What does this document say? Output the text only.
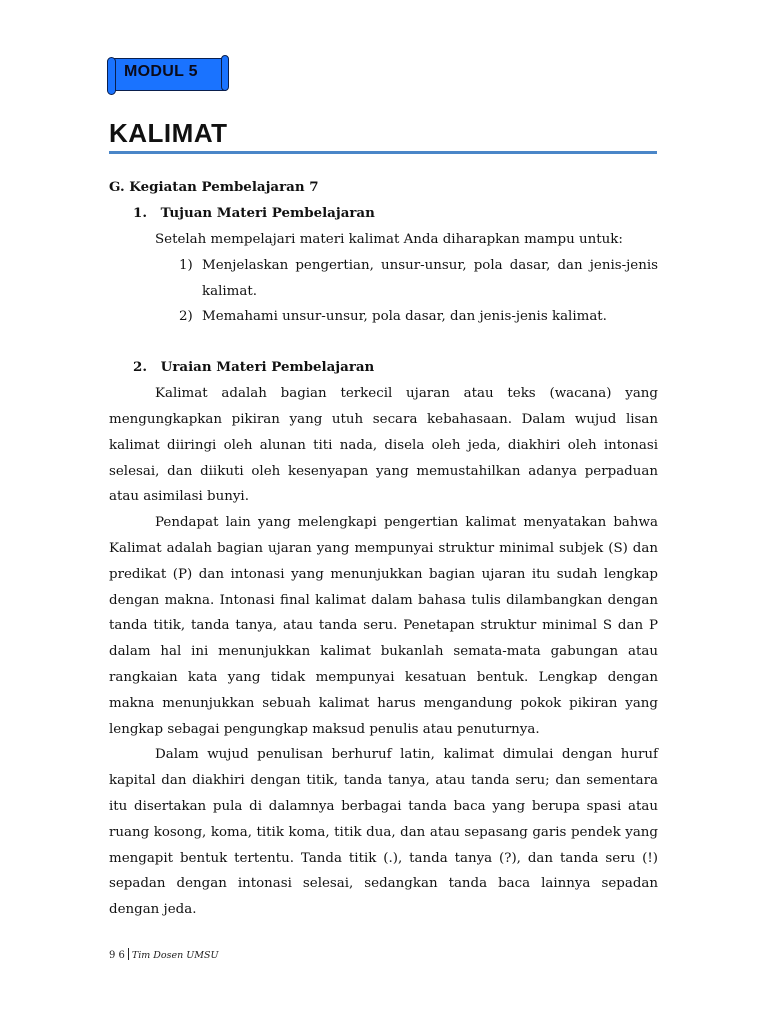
MODUL 5
KALIMAT
G. Kegiatan Pembelajaran 7
1. Tujuan Materi Pembelajaran

Setelah mempelajari materi kalimat Anda diharapkan mampu untuk:

1) Menjelaskan pengertian, unsur-unsur, pola dasar, dan jenis-jenis kalimat.
2) Memahami unsur-unsur, pola dasar, dan jenis-jenis kalimat.
2. Uraian Materi Pembelajaran

Kalimat adalah bagian terkecil ujaran atau teks (wacana) yang mengungkapkan pikiran yang utuh secara kebahasaan. Dalam wujud lisan kalimat diiringi oleh alunan titi nada, disela oleh jeda, diakhiri oleh intonasi selesai, dan diikuti oleh kesenyapan yang memustahilkan adanya perpaduan atau asimilasi bunyi.

Pendapat lain yang melengkapi pengertian kalimat menyatakan bahwa Kalimat adalah bagian ujaran yang mempunyai struktur minimal subjek (S) dan predikat (P) dan intonasi yang menunjukkan bagian ujaran itu sudah lengkap dengan makna. Intonasi final kalimat dalam bahasa tulis dilambangkan dengan tanda titik, tanda tanya, atau tanda seru. Penetapan struktur minimal S dan P dalam hal ini menunjukkan kalimat bukanlah semata-mata gabungan atau rangkaian kata yang tidak mempunyai kesatuan bentuk. Lengkap dengan makna menunjukkan sebuah kalimat harus mengandung pokok pikiran yang lengkap sebagai pengungkap maksud penulis atau penuturnya.

Dalam wujud penulisan berhuruf latin, kalimat dimulai dengan huruf kapital dan diakhiri dengan titik, tanda tanya, atau tanda seru; dan sementara itu disertakan pula di dalamnya berbagai tanda baca yang berupa spasi atau ruang kosong, koma, titik koma, titik dua, dan atau sepasang garis pendek yang mengapit bentuk tertentu. Tanda titik (.), tanda tanya (?), dan tanda seru (!) sepadan dengan intonasi selesai, sedangkan tanda baca lainnya sepadan dengan jeda.

9 6 Tim Dosen UMSU
